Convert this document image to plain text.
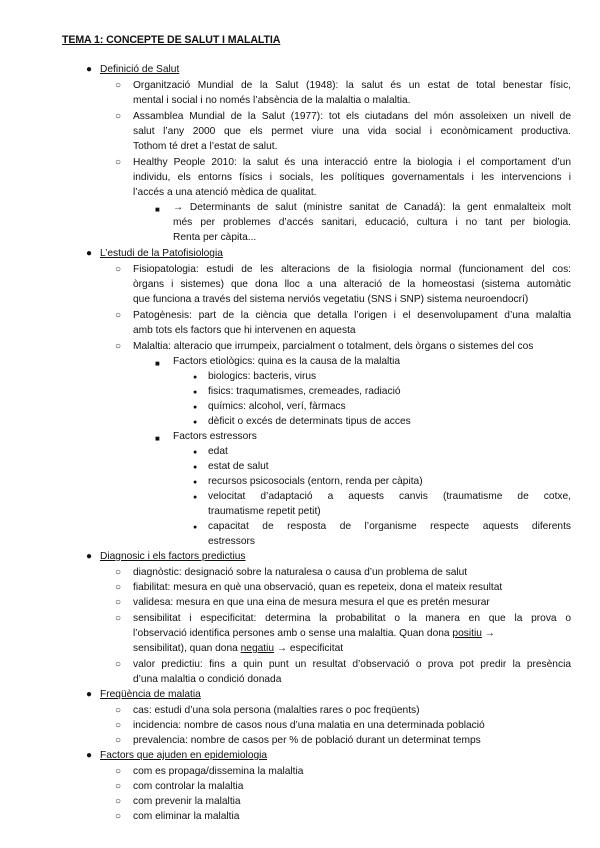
TEMA 1: CONCEPTE DE SALUT I MALALTIA
● Definició de Salut
○ Organització Mundial de la Salut (1948): la salut és un estat de total benestar físic,
mental i social i no només l’absència de la malaltia o malaltia.
○ Assamblea Mundial de la Salut (1977): tot els ciutadans del món assoleixen un nivell de
salut l’any 2000 que els permet viure una vida social i econòmicament productiva.
Tothom té dret a l’estat de salut.
○ Healthy People 2010: la salut és una interacció entre la biologia i el comportament d’un
individu, els entorns físics i socials, les polítiques governamentals i les intervencions i
l’accés a una atenció mèdica de qualitat.
■ → Determinants de salut (ministre sanitat de Canadá): la gent enmalalteix molt
més per problemes d’accés sanitari, educació, cultura i no tant per biologia.
Renta per càpita...
● L’estudi de la Patofisiologia
○ Fisiopatologia: estudi de les alteracions de la fisiologia normal (funcionament del cos:
òrgans i sistemes) que dona lloc a una alteració de la homeostasi (sistema automàtic
que funciona a través del sistema nerviós vegetatiu (SNS i SNP) sistema neuroendocrí)
○ Patogènesis: part de la ciència que detalla l’origen i el desenvolupament d’una malaltia
amb tots els factors que hi intervenen en aquesta
○ Malaltia: alteracio que irrumpeix, parcialment o totalment, dels òrgans o sistemes del cos
■ Factors etiològics: quina es la causa de la malaltia
● biologics: bacteris, virus
● fisics: traqumatismes, cremeades, radiació
● químics: alcohol, verí, fàrmacs
● dèficit o excés de determinats tipus de acces
■ Factors estressors
● edat
● estat de salut
● recursos psicosocials (entorn, renda per càpita)
● velocitat d’adaptació a aquests canvis (traumatisme de cotxe,
traumatisme repetit petit)
● capacitat de resposta de l’organisme respecte aquests diferents
estressors
● Diagnosic i els factors predictius
○ diagnòstic: designació sobre la naturalesa o causa d’un problema de salut
○ fiabilitat: mesura en què una observació, quan es repeteix, dona el mateix resultat
○ validesa: mesura en que una eina de mesura mesura el que es pretén mesurar
○ sensibilitat i especificitat: determina la probabilitat o la manera en que la prova o
l’observació identifica persones amb o sense una malaltia. Quan dona positiu →
sensibilitat), quan dona negatiu → especificitat
○ valor predictiu: fins a quin punt un resultat d’observació o prova pot predir la presència
d’una malaltia o condició donada
● Freqüència de malatia
○ cas: estudi d’una sola persona (malalties rares o poc freqüents)
○ incidencia: nombre de casos nous d’una malatia en una determinada població
○ prevalencia: nombre de casos per % de població durant un determinat temps
● Factors que ajuden en epidemiologia
○ com es propaga/dissemina la malaltia
○ com controlar la malaltia
○ com prevenir la malaltia
○ com eliminar la malaltia
